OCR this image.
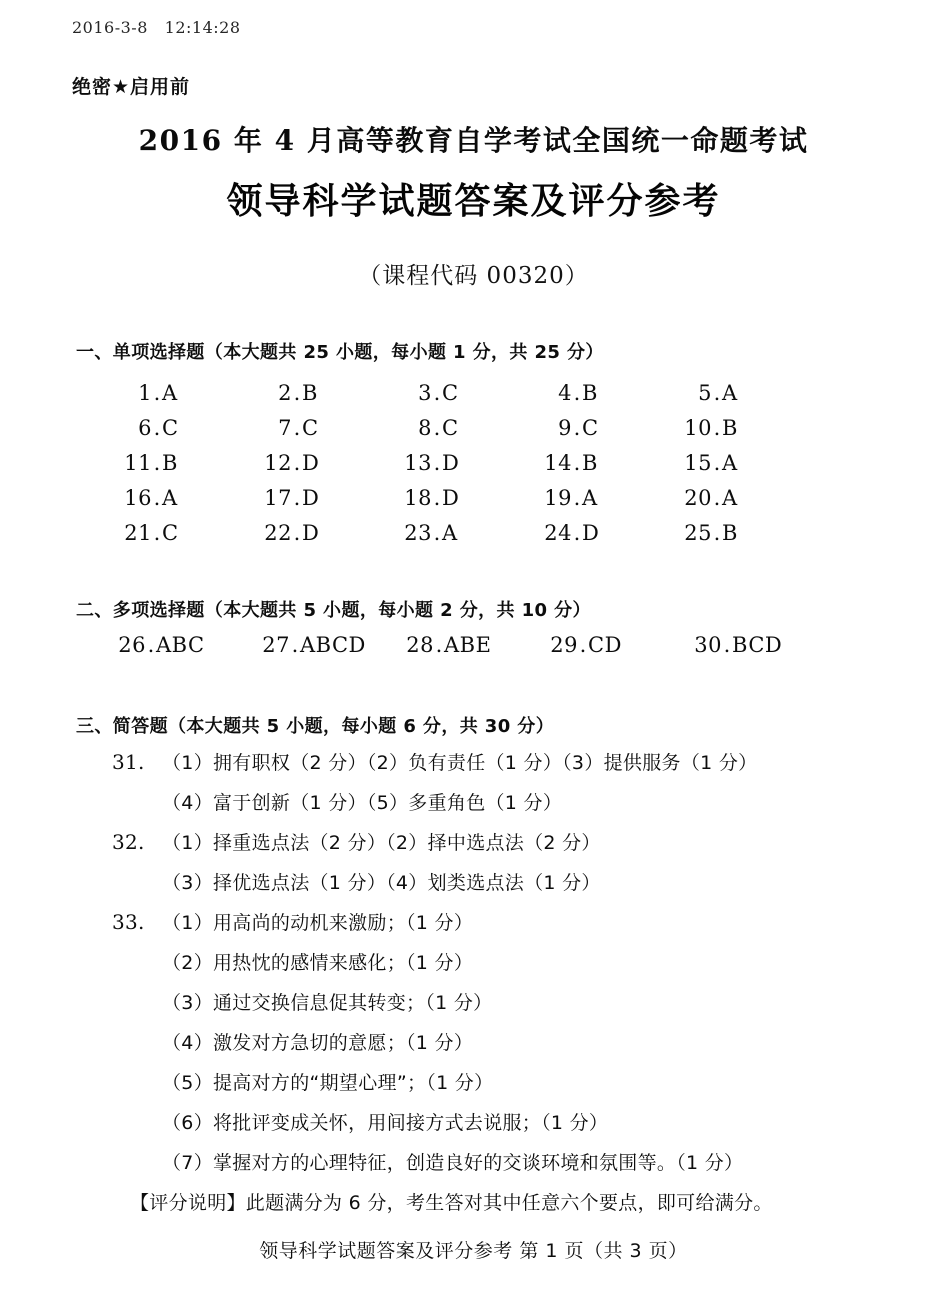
2016-3-8   12:14:28
绝密★启用前
2016 年 4 月高等教育自学考试全国统一命题考试
领导科学试题答案及评分参考
（课程代码 00320）
一、单项选择题（本大题共 25 小题，每小题 1 分，共 25 分）
1 . A	2 . B	3 . C	4 . B	5 . A
6 . C	7 . C	8 . C	9 . C	10 . B
11 . B	12 . D	13 . D	14 . B	15 . A
16 . A	17 . D	18 . D	19 . A	20 . A
21 . C	22 . D	23 . A	24 . D	25 . B
二、多项选择题（本大题共 5 小题，每小题 2 分，共 10 分）
26.ABC	27.ABCD	28.ABE	29.CD	30.BCD
三、简答题（本大题共 5 小题，每小题 6 分，共 30 分）
31. （1）拥有职权（2 分）（2）负有责任（1 分）（3）提供服务（1 分）
（4）富于创新（1 分）（5）多重角色（1 分）
32. （1）择重选点法（2 分）（2）择中选点法（2 分）
（3）择优选点法（1 分）（4）划类选点法（1 分）
33. （1）用高尚的动机来激励；（1 分）
（2）用热忱的感情来感化；（1 分）
（3）通过交换信息促其转变；（1 分）
（4）激发对方急切的意愿；（1 分）
（5）提高对方的“期望心理”；（1 分）
（6）将批评变成关怀，用间接方式去说服；（1 分）
（7）掌握对方的心理特征，创造良好的交谈环境和氛围等。（1 分）
【评分说明】此题满分为 6 分，考生答对其中任意六个要点，即可给满分。
领导科学试题答案及评分参考 第 1 页（共 3 页）
